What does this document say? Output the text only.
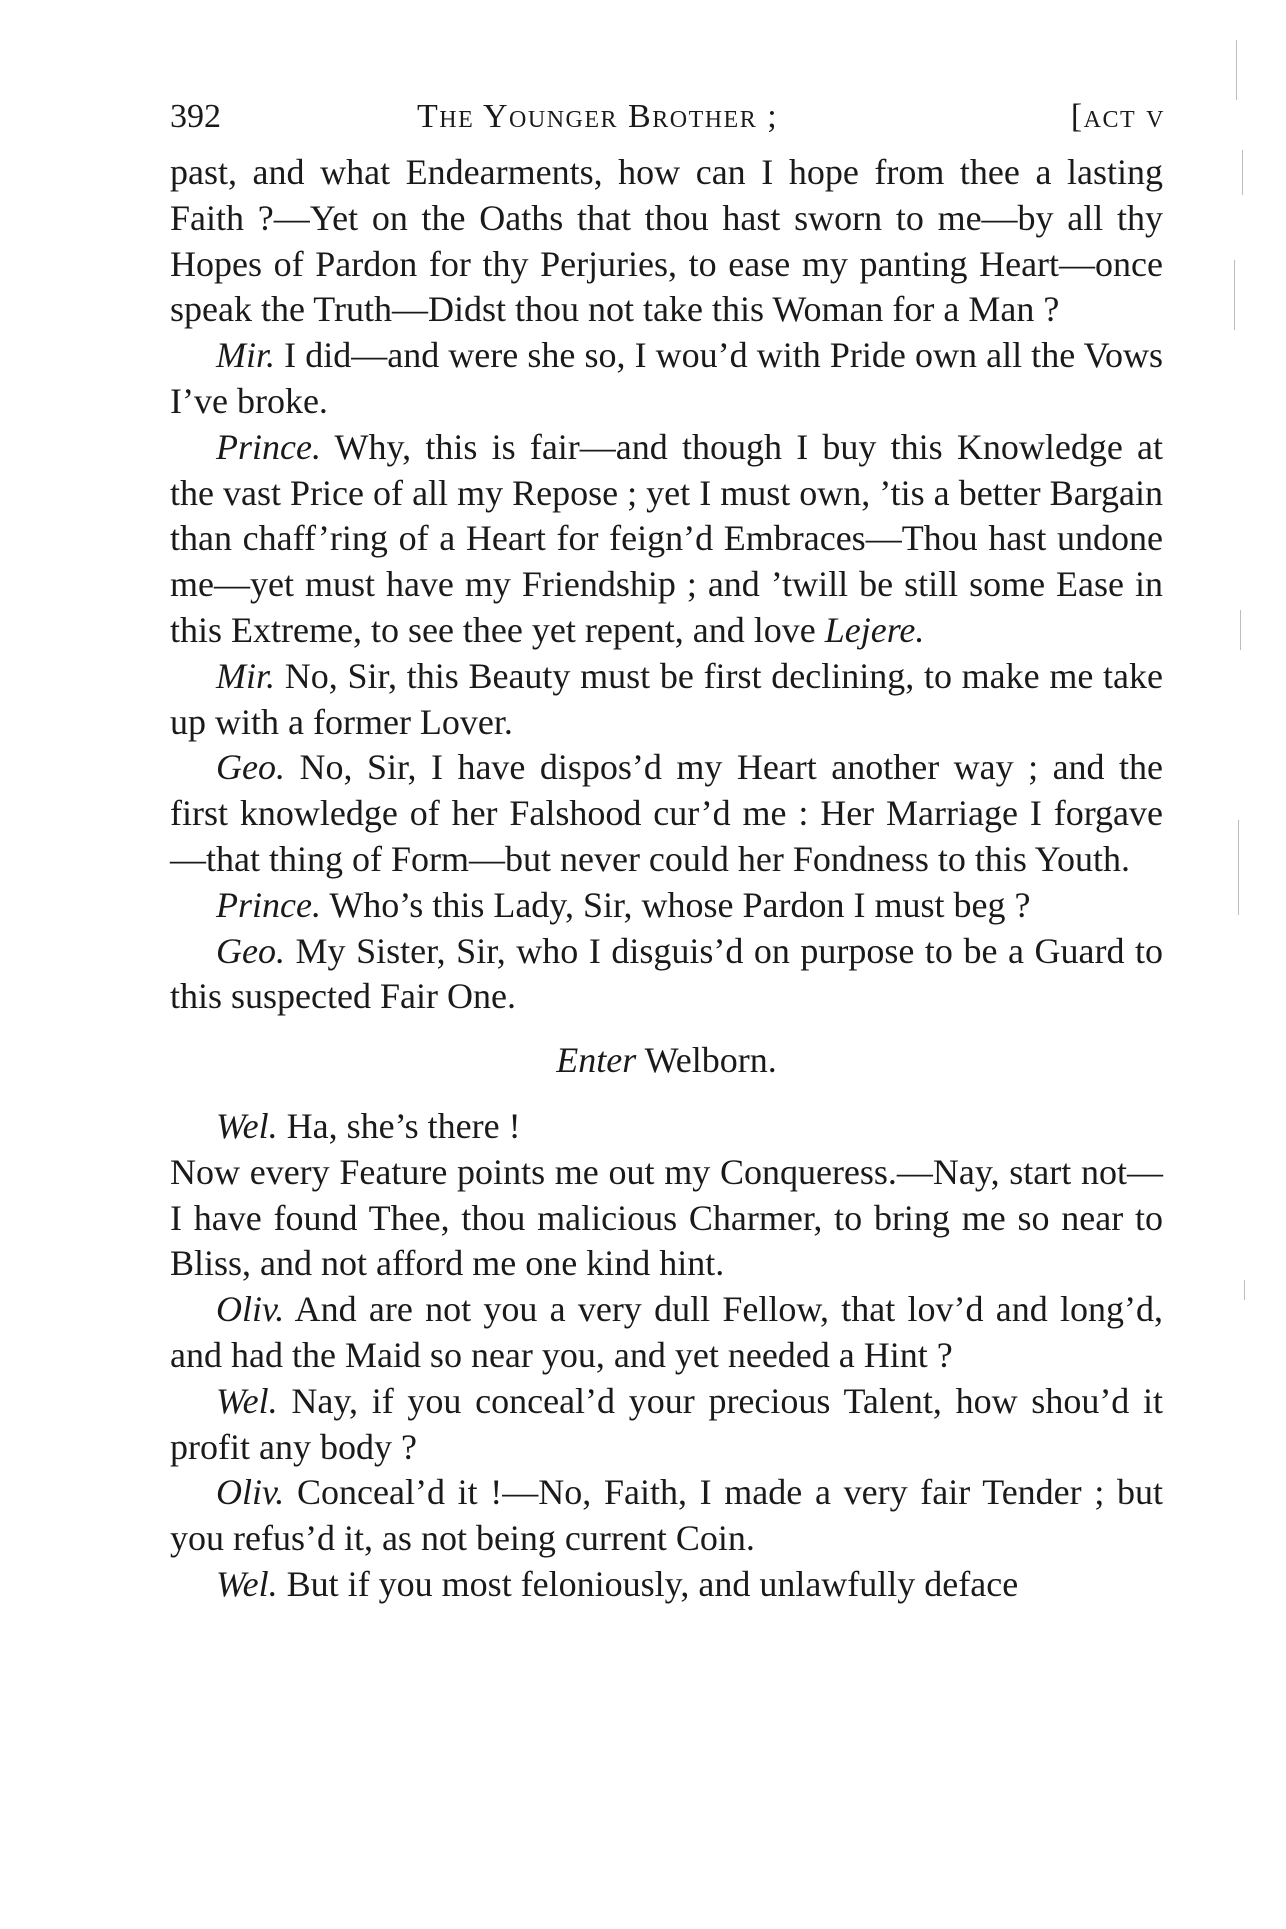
392	The Younger Brother ;	[act v

past, and what Endearments, how can I hope from thee a lasting Faith ?—Yet on the Oaths that thou hast sworn to me—by all thy Hopes of Pardon for thy Perjuries, to ease my panting Heart—once speak the Truth—Didst thou not take this Woman for a Man ?

Mir. I did—and were she so, I wou’d with Pride own all the Vows I’ve broke.

Prince. Why, this is fair—and though I buy this Knowledge at the vast Price of all my Repose ; yet I must own, ’tis a better Bargain than chaff’ring of a Heart for feign’d Embraces—Thou hast undone me—yet must have my Friendship ; and ’twill be still some Ease in this Extreme, to see thee yet repent, and love Lejere.

Mir. No, Sir, this Beauty must be first declining, to make me take up with a former Lover.

Geo. No, Sir, I have dispos’d my Heart another way ; and the first knowledge of her Falshood cur’d me : Her Marriage I forgave—that thing of Form—but never could her Fondness to this Youth.

Prince. Who’s this Lady, Sir, whose Pardon I must beg ?

Geo. My Sister, Sir, who I disguis’d on purpose to be a Guard to this suspected Fair One.

Enter Welborn.

Wel. Ha, she’s there !

Now every Feature points me out my Conqueress.—Nay, start not—I have found Thee, thou malicious Charmer, to bring me so near to Bliss, and not afford me one kind hint.

Oliv. And are not you a very dull Fellow, that lov’d and long’d, and had the Maid so near you, and yet needed a Hint ?

Wel. Nay, if you conceal’d your precious Talent, how shou’d it profit any body ?

Oliv. Conceal’d it !—No, Faith, I made a very fair Tender ; but you refus’d it, as not being current Coin.

Wel. But if you most feloniously, and unlawfully deface
